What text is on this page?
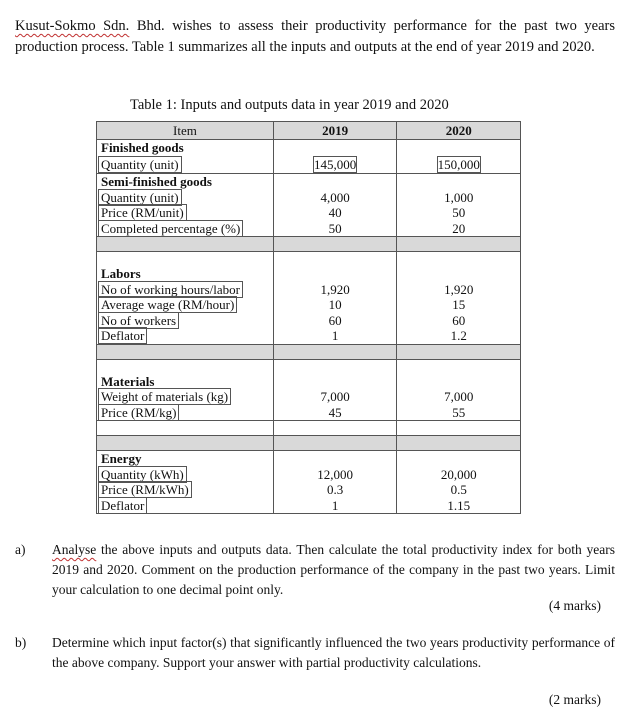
Kusut-Sokmo Sdn. Bhd. wishes to assess their productivity performance for the past two years production process. Table 1 summarizes all the inputs and outputs at the end of year 2019 and 2020.
Table 1: Inputs and outputs data in year 2019 and 2020
Item	2019	2020
Finished goods		
Quantity (unit)	145,000	150,000
Semi-finished goods		
Quantity (unit)	4,000	1,000
Price (RM/unit)	40	50
Completed percentage (%)	50	20

Labors		
No of working hours/labor	1,920	1,920
Average wage (RM/hour)	10	15
No of workers	60	60
Deflator	1	1.2

Materials		
Weight of materials (kg)	7,000	7,000
Price (RM/kg)	45	55

Energy		
Quantity (kWh)	12,000	20,000
Price (RM/kWh)	0.3	0.5
Deflator	1	1.15
a) Analyse the above inputs and outputs data. Then calculate the total productivity index for both years 2019 and 2020. Comment on the production performance of the company in the past two years. Limit your calculation to one decimal point only.
(4 marks)
b) Determine which input factor(s) that significantly influenced the two years productivity performance of the above company. Support your answer with partial productivity calculations.
(2 marks)
